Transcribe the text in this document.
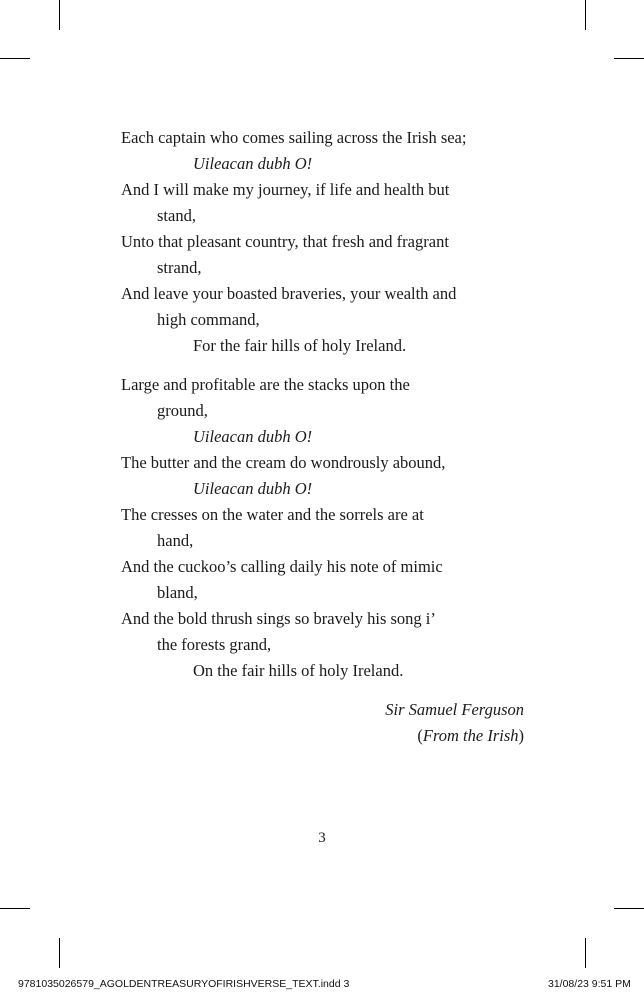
Each captain who comes sailing across the Irish sea;
Uileacan dubh O!
And I will make my journey, if life and health but
stand,
Unto that pleasant country, that fresh and fragrant
strand,
And leave your boasted braveries, your wealth and
high command,
For the fair hills of holy Ireland.
Large and profitable are the stacks upon the
ground,
Uileacan dubh O!
The butter and the cream do wondrously abound,
Uileacan dubh O!
The cresses on the water and the sorrels are at
hand,
And the cuckoo’s calling daily his note of mimic
bland,
And the bold thrush sings so bravely his song i’
the forests grand,
On the fair hills of holy Ireland.
Sir Samuel Ferguson
(From the Irish)
3
9781035026579_AGOLDENTREASURYOFIRISHVERSE_TEXT.indd 3	31/08/23 9:51 PM
